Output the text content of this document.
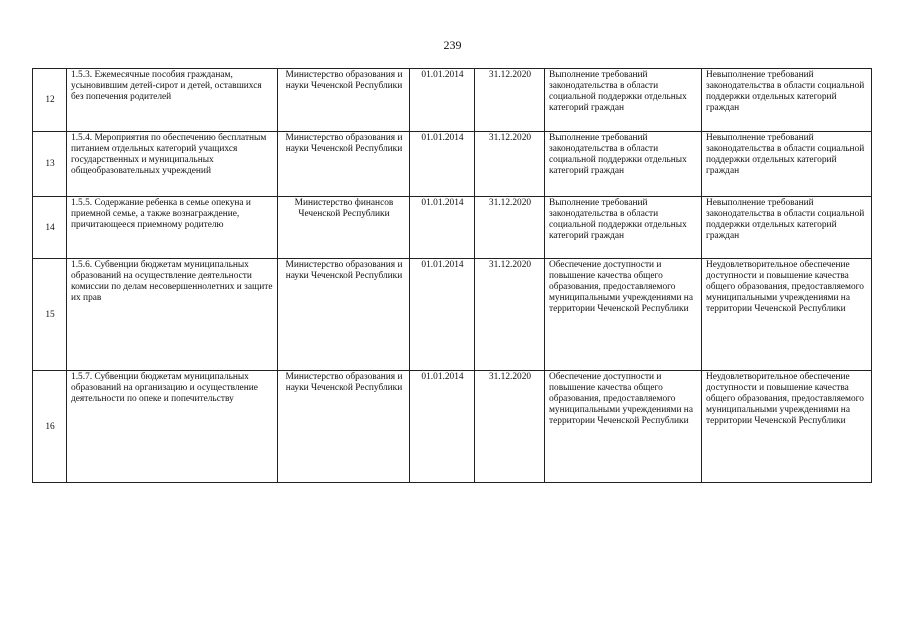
239
12	1.5.3. Ежемесячные пособия гражданам, усыновившим детей-сирот и детей, оставшихся без попечения родителей	Министерство образования и науки Чеченской Республики	01.01.2014	31.12.2020	Выполнение требований законодательства в области социальной поддержки отдельных категорий граждан	Невыполнение требований законодательства в области социальной поддержки отдельных категорий граждан
13	1.5.4. Мероприятия по обеспечению бесплатным питанием отдельных категорий учащихся государственных и муниципальных общеобразовательных учреждений	Министерство образования и науки Чеченской Республики	01.01.2014	31.12.2020	Выполнение требований законодательства в области социальной поддержки отдельных категорий граждан	Невыполнение требований законодательства в области социальной поддержки отдельных категорий граждан
14	1.5.5. Содержание ребенка в семье опекуна и приемной семье, а также вознаграждение, причитающееся приемному родителю	Министерство финансов Чеченской Республики	01.01.2014	31.12.2020	Выполнение требований законодательства в области социальной поддержки отдельных категорий граждан	Невыполнение требований законодательства в области социальной поддержки отдельных категорий граждан
15	1.5.6. Субвенции бюджетам муниципальных образований на осуществление деятельности комиссии по делам несовершеннолетних и защите их прав	Министерство образования и науки Чеченской Республики	01.01.2014	31.12.2020	Обеспечение доступности и повышение качества общего образования, предоставляемого муниципальными учреждениями на территории Чеченской Республики	Неудовлетворительное обеспечение доступности и повышение качества общего образования, предоставляемого муниципальными учреждениями на территории Чеченской Республики
16	1.5.7. Субвенции бюджетам муниципальных образований на организацию и осуществление деятельности по опеке и попечительству	Министерство образования и науки Чеченской Республики	01.01.2014	31.12.2020	Обеспечение доступности и повышение качества общего образования, предоставляемого муниципальными учреждениями на территории Чеченской Республики	Неудовлетворительное обеспечение доступности и повышение качества общего образования, предоставляемого муниципальными учреждениями на территории Чеченской Республики
